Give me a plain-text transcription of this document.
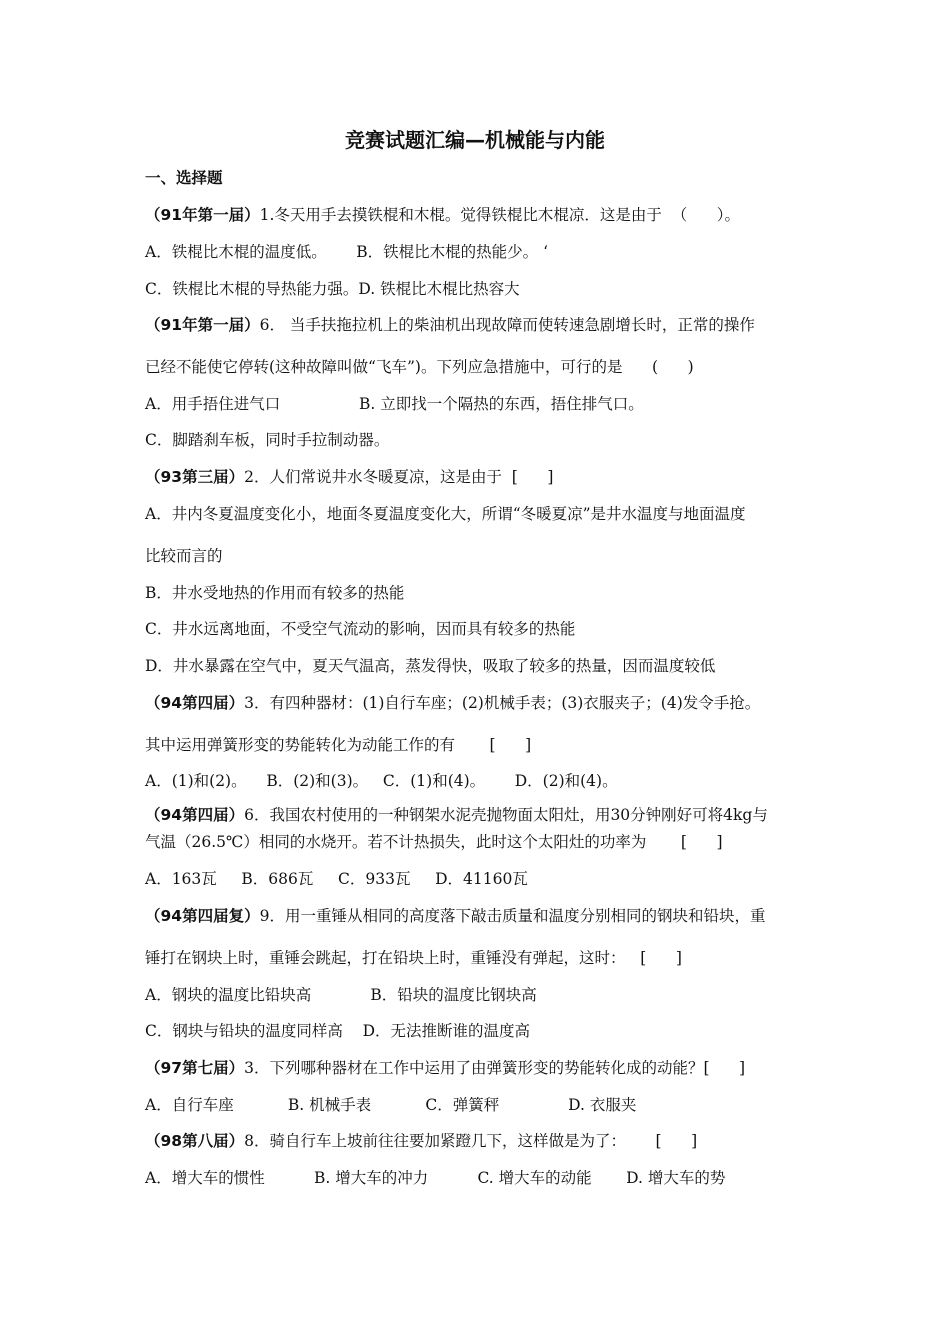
竞赛试题汇编—机械能与内能
一、选择题
（91年第一届）1.冬天用手去摸铁棍和木棍。觉得铁棍比木棍凉．这是由于  （      ）。
A．铁棍比木棍的温度低。      B．铁棍比木棍的热能少。 ‘
C．铁棍比木棍的导热能力强。D. 铁棍比木棍比热容大
（91年第一届）6． 当手扶拖拉机上的柴油机出现故障而使转速急剧增长时，正常的操作
已经不能使它停转(这种故障叫做“飞车”)。下列应急措施中，可行的是      (      )
A．用手捂住进气口                B. 立即找一个隔热的东西，捂住排气口。
C．脚踏刹车板，同时手拉制动器。
（93第三届）2．人们常说井水冬暖夏凉，这是由于  [      ]
A．井内冬夏温度变化小，地面冬夏温度变化大，所谓“冬暖夏凉”是井水温度与地面温度
比较而言的
B．井水受地热的作用而有较多的热能
C．井水远离地面，不受空气流动的影响，因而具有较多的热能
D．井水暴露在空气中，夏天气温高，蒸发得快，吸取了较多的热量，因而温度较低
（94第四届）3．有四种器材：(1)自行车座；(2)机械手表；(3)衣服夹子；(4)发令手抢。
其中运用弹簧形变的势能转化为动能工作的有       [      ]
A．(1)和(2)。    B．(2)和(3)。   C．(1)和(4)。      D．(2)和(4)。
（94第四届）6．我国农村使用的一种钢架水泥壳抛物面太阳灶，用30分钟刚好可将4kg与
气温（26.5℃）相同的水烧开。若不计热损失，此时这个太阳灶的功率为       [      ]
A．163瓦     B．686瓦     C．933瓦     D．41160瓦
（94第四届复）9．用一重锤从相同的高度落下敲击质量和温度分别相同的钢块和铅块，重
锤打在钢块上时，重锤会跳起，打在铅块上时，重锤没有弹起，这时：   [      ]
A．钢块的温度比铅块高            B．铅块的温度比钢块高
C．钢块与铅块的温度同样高    D．无法推断谁的温度高
（97第七届）3．下列哪种器材在工作中运用了由弹簧形变的势能转化成的动能？[      ]
A．自行车座           B. 机械手表           C．弹簧秤              D. 衣服夹
（98第八届）8．骑自行车上坡前往往要加紧蹬几下，这样做是为了：      [      ]
A．增大车的惯性          B. 增大车的冲力          C. 增大车的动能       D. 增大车的势
